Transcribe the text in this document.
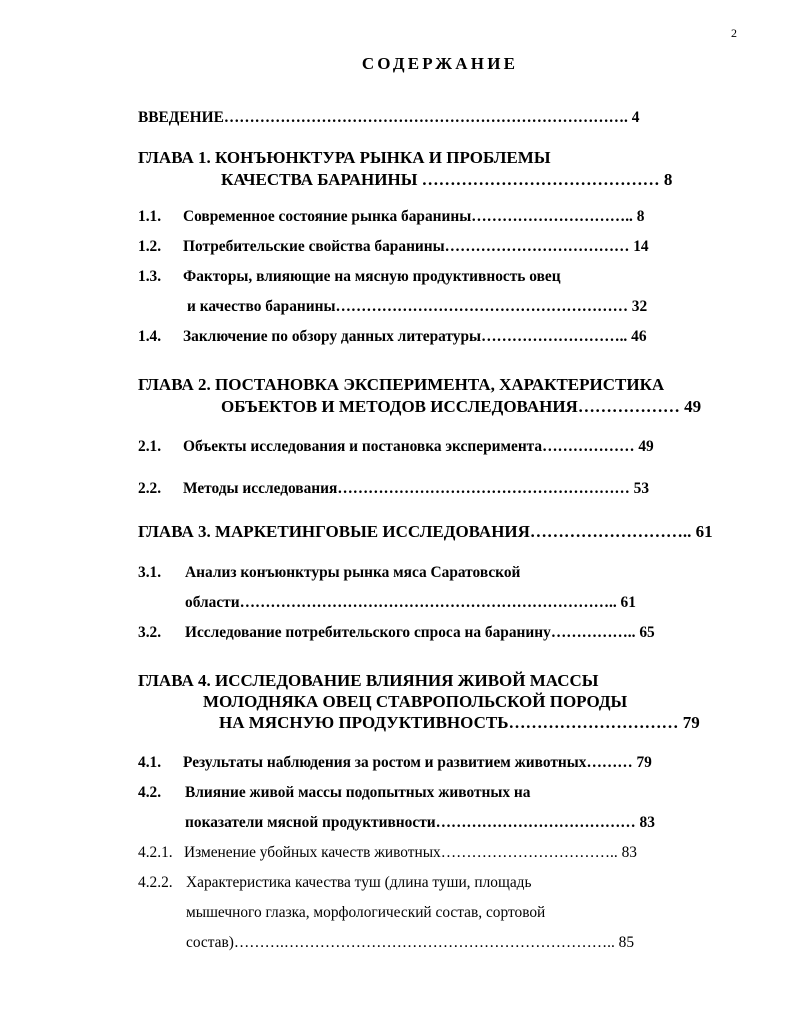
2
СОДЕРЖАНИЕ
ВВЕДЕНИЕ……………………………………………………………………. 4
ГЛАВА 1. КОНЪЮНКТУРА РЫНКА И ПРОБЛЕМЫ
КАЧЕСТВА БАРАНИНЫ …………………………………… 8
1.1. Современное состояние рынка баранины………………………….. 8
1.2. Потребительские свойства баранины……………………………… 14
1.3. Факторы, влияющие на мясную продуктивность овец
и качество баранины………………………………………………… 32
1.4. Заключение по обзору данных литературы……………………….. 46
ГЛАВА 2. ПОСТАНОВКА ЭКСПЕРИМЕНТА, ХАРАКТЕРИСТИКА
ОБЪЕКТОВ И МЕТОДОВ ИССЛЕДОВАНИЯ……………… 49
2.1. Объекты исследования и постановка эксперимента……………… 49
2.2. Методы исследования………………………………………………… 53
ГЛАВА 3. МАРКЕТИНГОВЫЕ ИССЛЕДОВАНИЯ……………………….. 61
3.1. Анализ конъюнктуры рынка мяса Саратовской
области……………………………………………………………….. 61
3.2. Исследование потребительского спроса на баранину…………….. 65
ГЛАВА 4. ИССЛЕДОВАНИЕ ВЛИЯНИЯ ЖИВОЙ МАССЫ
МОЛОДНЯКА ОВЕЦ СТАВРОПОЛЬСКОЙ ПОРОДЫ
НА МЯСНУЮ ПРОДУКТИВНОСТЬ………………………… 79
4.1. Результаты наблюдения за ростом и развитием животных……… 79
4.2. Влияние живой массы подопытных животных на
показатели мясной продуктивности………………………………… 83
4.2.1. Изменение убойных качеств животных…………………………….. 83
4.2.2. Характеристика качества туш (длина туши, площадь
мышечного глазка, морфологический состав, сортовой
состав)……….……………………………………………………….. 85
